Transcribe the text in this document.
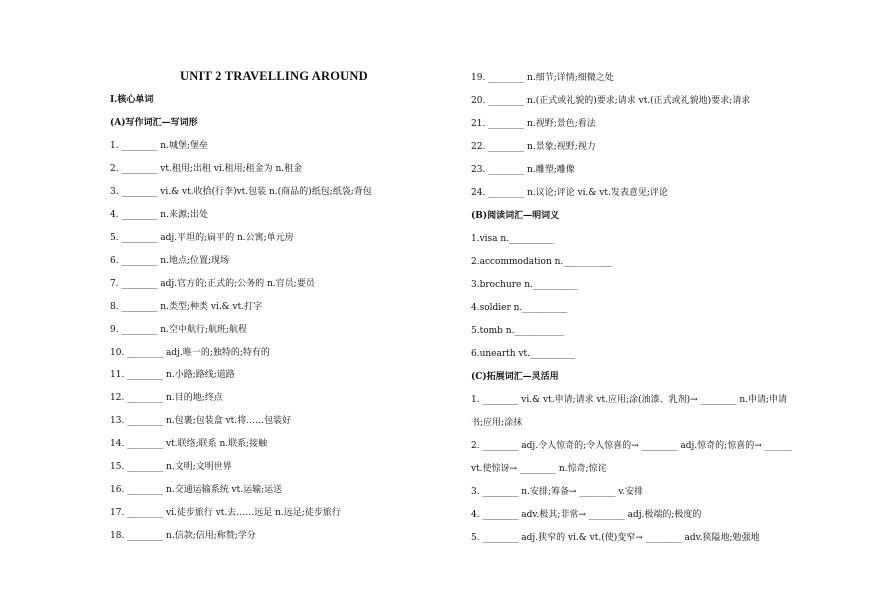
UNIT 2 TRAVELLING AROUND
Ⅰ.核心单词
(A)写作词汇—写词形
1. ________ n.城堡;堡垒
2. ________ vt.租用;出租 vi.租用;租金为 n.租金
3. ________ vi.& vt.收拾(行李)vt.包装 n.(商品的)纸包;纸袋;背包
4. ________ n.来源;出处
5. ________ adj.平坦的;扁平的 n.公寓;单元房
6. ________ n.地点;位置;现场
7. ________ adj.官方的;正式的;公务的 n.官员;要员
8. ________ n.类型;种类 vi.& vt.打字
9. ________ n.空中航行;航班;航程
10. ________ adj.唯一的;独特的;特有的
11. ________ n.小路;路线;道路
12. ________ n.目的地;终点
13. ________ n.包裹;包装盒 vt.将……包装好
14. ________ vt.联络;联系 n.联系;接触
15. ________ n.文明;文明世界
16. ________ n.交通运输系统 vt.运输;运送
17. ________ vi.徒步旅行 vt.去……远足 n.远足;徒步旅行
18. ________ n.信款;信用;称赞;学分
19. ________ n.细节;详情;细微之处
20. ________ n.(正式或礼貌的)要求;请求 vt.(正式或礼貌地)要求;请求
21. ________ n.视野;景色;看法
22. ________ n.景象;视野;视力
23. ________ n.雕塑;雕像
24. ________ n.议论;评论 vi.& vt.发表意见;评论
(B)阅读词汇—明词义
1.visa n.__________
2.accommodation n.___________
3.brochure n.__________
4.soldier n.__________
5.tomb n.___________
6.unearth vt.__________
(C)拓展词汇—灵活用
1. ________ vi.& vt.申请;请求 vt.应用;涂(油漆、乳剂)→ ________ n.申请;申请
书;应用;涂抹
2. ________ adj.令人惊奇的;令人惊喜的→ ________ adj.惊奇的;惊喜的→ ______
vt.使惊讶→ ________ n.惊奇;惊诧
3. ________ n.安排;筹备→ ________ v.安排
4. ________ adv.极其;非常→ ________ adj.极端的;极度的
5. ________ adj.狭窄的 vi.& vt.(使)变窄→ ________ adv.狭隘地;勉强地
